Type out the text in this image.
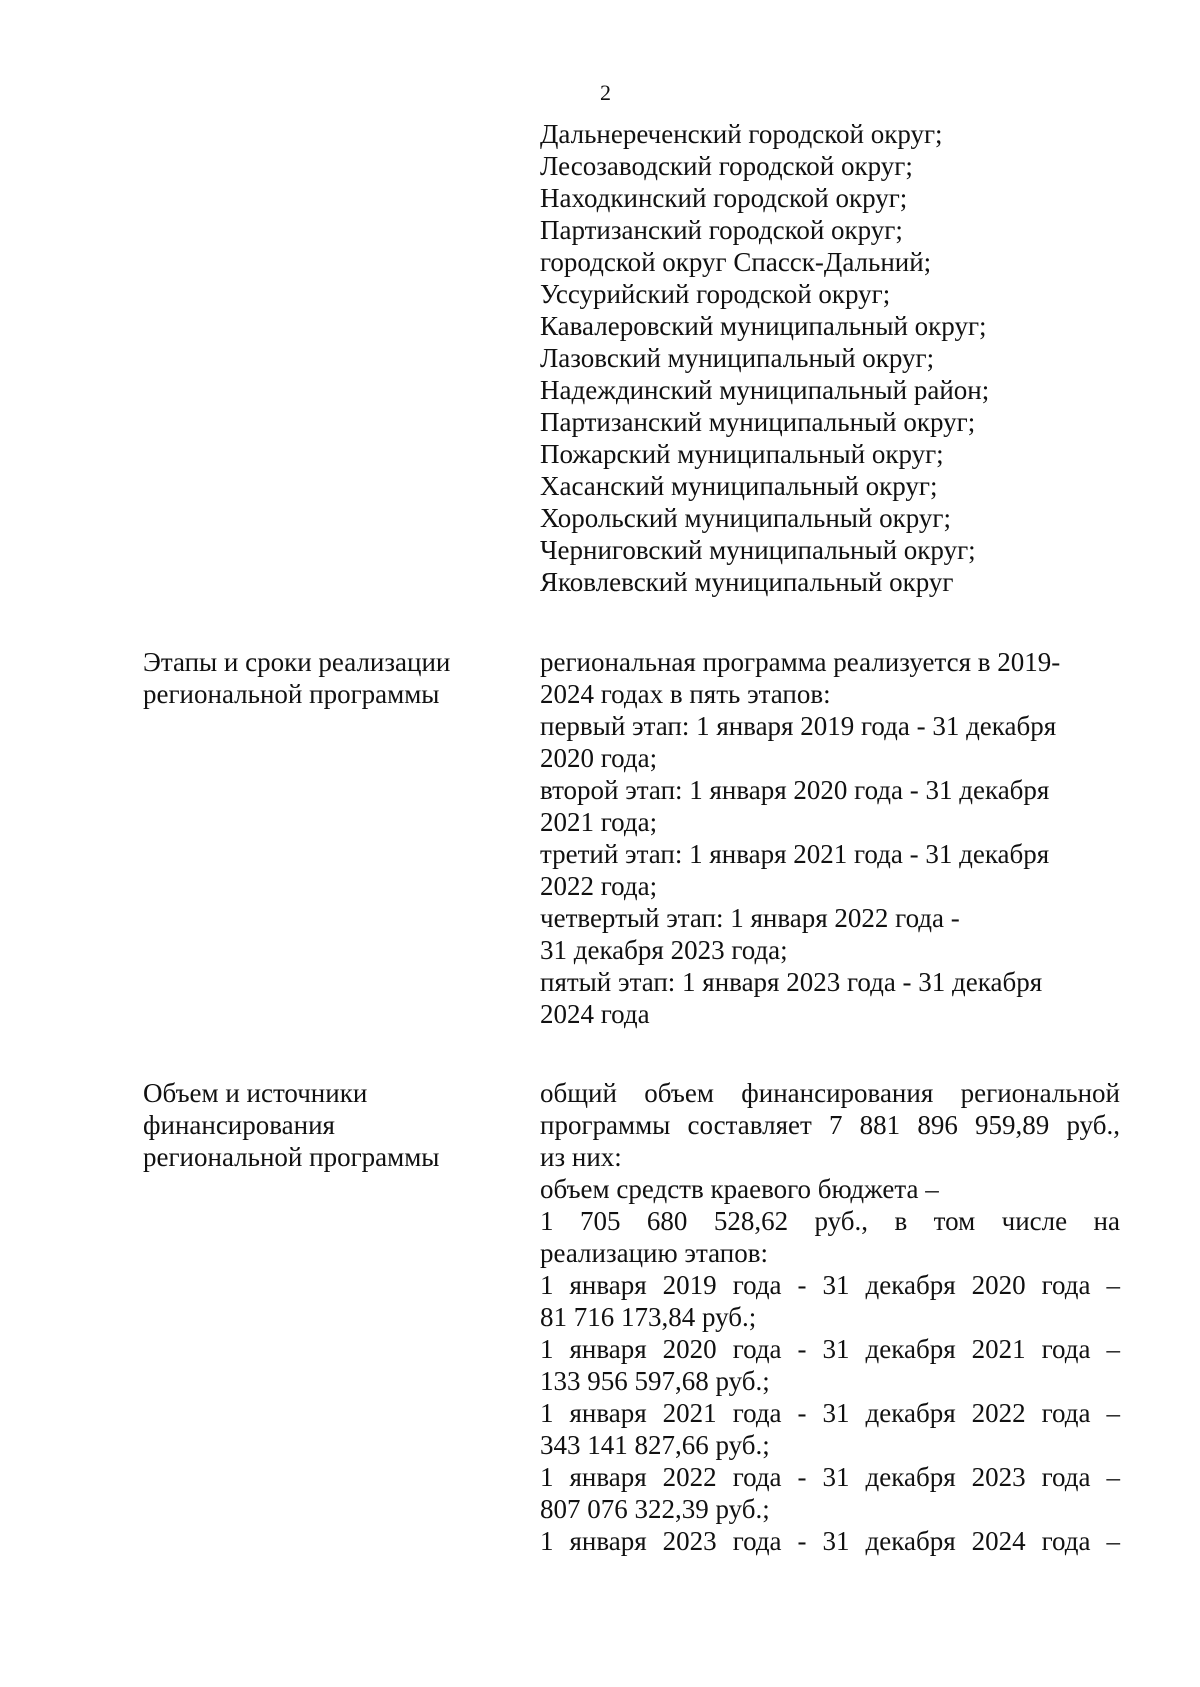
2
Дальнереченский городской округ;
Лесозаводский городской округ;
Находкинский городской округ;
Партизанский городской округ;
городской округ Спасск-Дальний;
Уссурийский городской округ;
Кавалеровский муниципальный округ;
Лазовский муниципальный округ;
Надеждинский муниципальный район;
Партизанский муниципальный округ;
Пожарский муниципальный округ;
Хасанский муниципальный округ;
Хорольский муниципальный округ;
Черниговский муниципальный округ;
Яковлевский муниципальный округ
Этапы и сроки реализации
региональной программы
региональная программа реализуется в 2019-
2024 годах в пять этапов:
первый этап: 1 января 2019 года - 31 декабря
2020 года;
второй этап: 1 января 2020 года - 31 декабря
2021 года;
третий этап: 1 января 2021 года - 31 декабря
2022 года;
четвертый этап: 1 января 2022 года -
31 декабря 2023 года;
пятый этап: 1 января 2023 года - 31 декабря
2024 года
Объем и источники
финансирования
региональной программы
общий объем финансирования региональной
программы составляет 7 881 896 959,89 руб.,
из них:
объем средств краевого бюджета –
1 705 680 528,62 руб., в том числе на
реализацию этапов:
1 января 2019 года - 31 декабря 2020 года –
81 716 173,84 руб.;
1 января 2020 года - 31 декабря 2021 года –
133 956 597,68 руб.;
1 января 2021 года - 31 декабря 2022 года –
343 141 827,66 руб.;
1 января 2022 года - 31 декабря 2023 года –
807 076 322,39 руб.;
1 января 2023 года - 31 декабря 2024 года –
